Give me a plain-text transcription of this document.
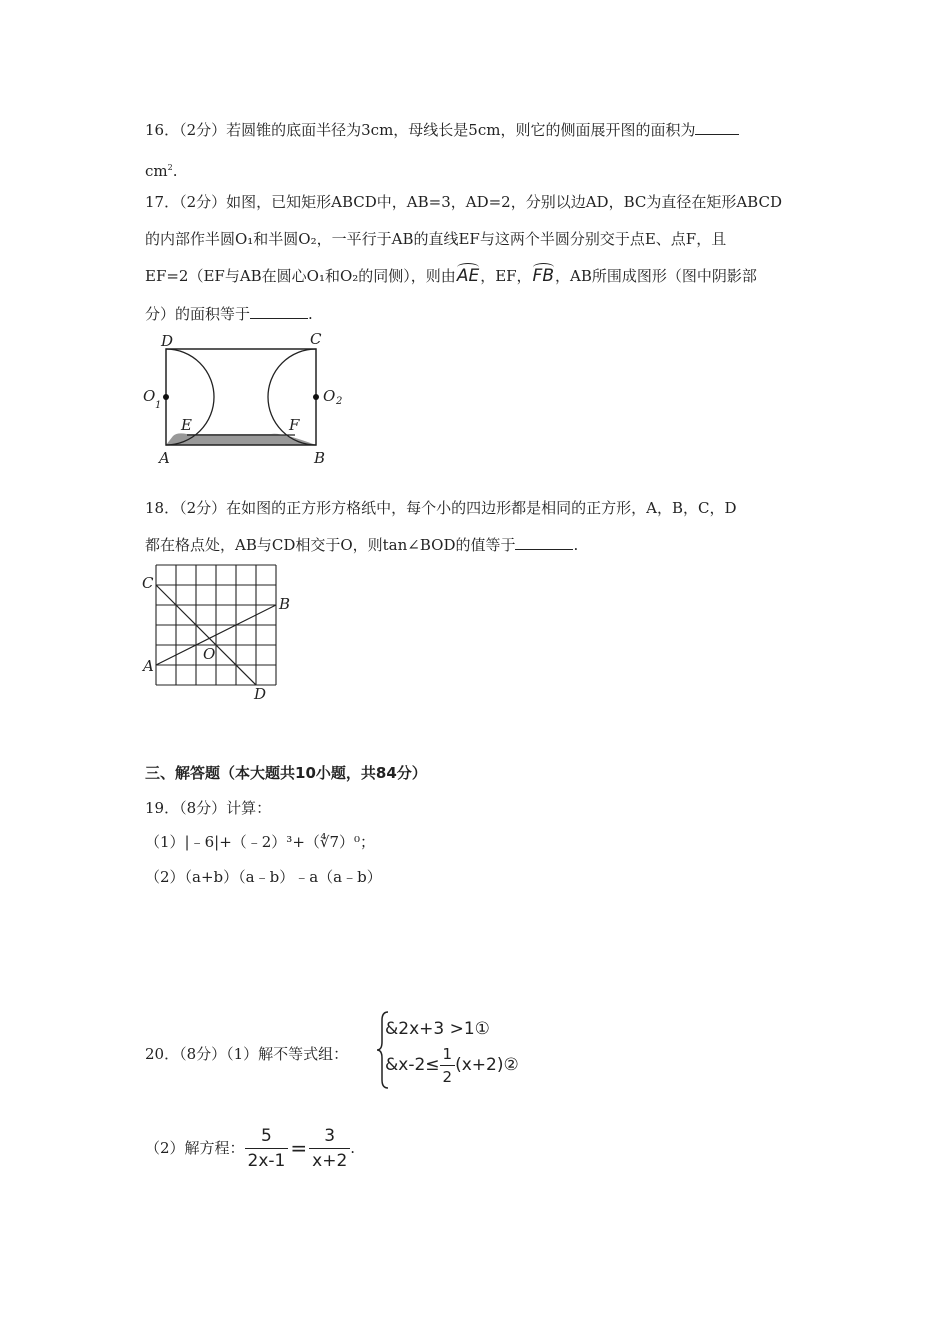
16．（2分）若圆锥的底面半径为3cm，母线长是5cm，则它的侧面展开图的面积为
$cm^2$.
17．（2分）如图，已知矩形ABCD中，AB=3，AD=2，分别以边AD，BC为直径在矩形ABCD
的内部作半圆O₁和半圆O₂，一平行于AB的直线EF与这两个半圆分别交于点E、点F，且
EF=2（EF与AB在圆心O₁和O₂的同侧），则由AE，EF，FB，AB所围成图形（图中阴影部
分）的面积等于	.
D	C
O
1
O 2
E	F
A	B
18．（2分）在如图的正方形方格纸中，每个小的四边形都是相同的正方形，A，B，C，D
都在格点处，AB与CD相交于O，则tan∠BOD的值等于	.
C
B
A
O
D
三、解答题（本大题共10小题，共84分）
19．（8分）计算：
（1）|﹣6|+（﹣2）³+（∜7）⁰；
（2）（a+b）（a﹣b）﹣a（a﹣b）
20．（8分）（1）解不等式组：
&2x+3 >1①
&x-2≤ $\frac{1}{2}$ (x+2)②
（2）解方程： $\frac{5}{2x-1} = \frac{3}{x+2}$ .
